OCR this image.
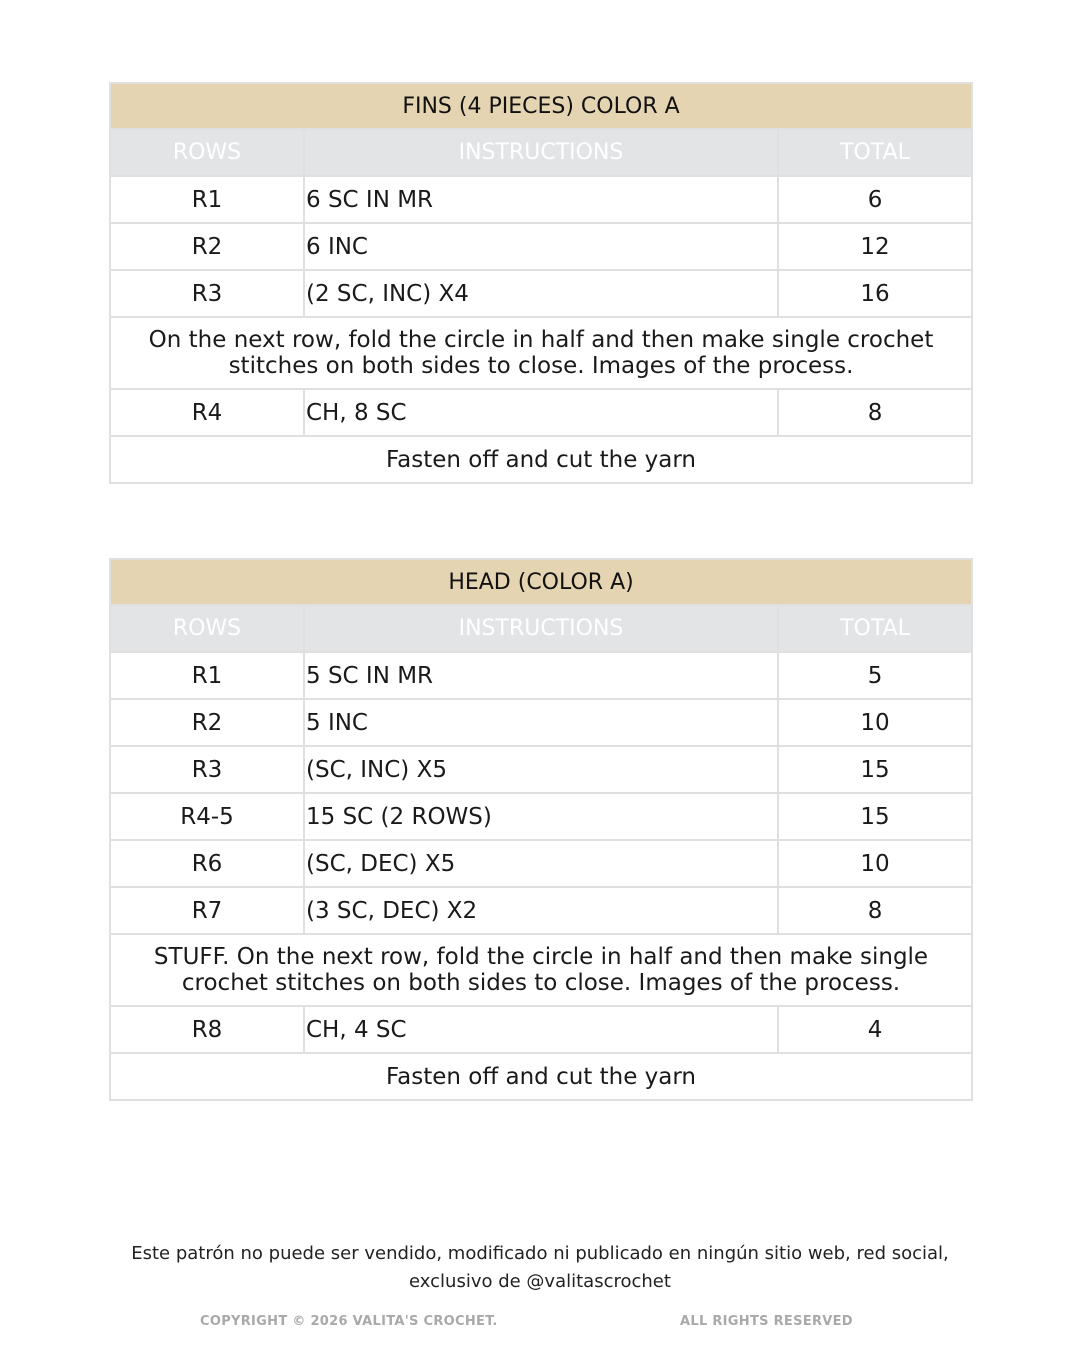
FINS (4 PIECES) COLOR A		
ROWS	INSTRUCTIONS	TOTAL
R1	6 SC IN MR	6
R2	6 INC	12
R3	(2 SC, INC) X4	16
On the next row, fold the circle in half and then make single crochet stitches on both sides to close. Images of the process.		
R4	CH, 8 SC	8
Fasten off and cut the yarn		
HEAD (COLOR A)		
ROWS	INSTRUCTIONS	TOTAL
R1	5 SC IN MR	5
R2	5 INC	10
R3	(SC, INC) X5	15
R4-5	15 SC (2 ROWS)	15
R6	(SC, DEC) X5	10
R7	(3 SC, DEC) X2	8
STUFF. On the next row, fold the circle in half and then make single crochet stitches on both sides to close. Images of the process.		
R8	CH, 4 SC	4
Fasten off and cut the yarn		
Este patrón no puede ser vendido, modificado ni publicado en ningún sitio web, red social,
exclusivo de @valitascrochet
COPYRIGHT © 2026 VALITA'S CROCHET.	ALL RIGHTS RESERVED
